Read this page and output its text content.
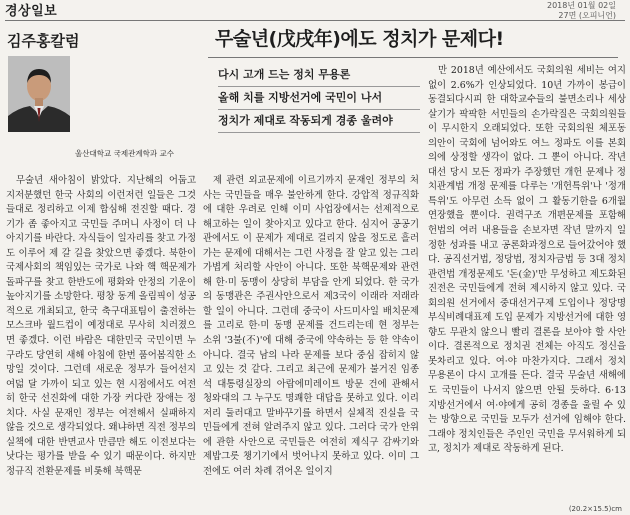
경상일보	2018년 01월 02일
27면 (오피니언)
김주홍칼럼	무술년(戊戌年)에도 정치가 문제다!
울산대학교 국제관계학과 교수
다시 고개 드는 정치 무용론
올해 치를 지방선거에 국민이 나서
정치가 제대로 작동되게 경종 울려야

무술년 새아침이 밝았다. 지난해의 어둡고 지저분했던 한국 사회의 이런저런 일들은 그것들대로 정리하고 이제 합심해 전진할 때다. 경기가 좀 좋아지고 국민들 주머니 사정이 더 나아지기를 바란다. 자식들이 일자리를 찾고 가정도 이루어 제 갈 길을 찾았으면 좋겠다. 북한이 국제사회의 책임있는 국가로 나와 핵 핵문제가 돌파구를 찾고 한반도에 평화와 안정의 기운이 높아지기를 소망한다. 평창 동계 올림픽이 성공적으로 개최되고, 한국 축구대표팀이 출전하는 모스크바 월드컵이 예정대로 무사히 치러졌으면 좋겠다. 이런 바람은 대한민국 국민이면 누구라도 당연히 새해 아침에 한번 품어봄직한 소망일 것이다. 그런데 새로운 정부가 들어선지 여덟 달 가까이 되고 있는 현 시점에서도 여전히 한국 선진화에 대한 가장 커다란 장애는 정치다. 사실 문재인 정부는 여전해서 실패하지 않을 것으로 생각되었다. 왜냐하면 직전 정부의 실책에 대한 반면교사 만큼만 해도 이전보다는 낫다는 평가를 받을 수 있기 때문이다. 하지만 정규직 전환문제를 비롯해 북핵문

제 관련 외교문제에 이르기까지 문재인 정부의 처사는 국민들을 매우 불안하게 한다. 강압적 정규직화에 대한 우려로 인해 이미 사업장에서는 선제적으로 해고하는 일이 찾아지고 있다고 한다. 심지어 공공기관에서도 이 문제가 제대로 걸리지 않을 정도로 흘러가는 문제에 대해서는 그런 사정을 잘 알고 있는 그리 가볍게 처리할 사안이 아니다. 또한 북핵문제와 관련해 한·미 동맹이 상당히 부담을 안게 되었다. 한 국가의 동맹관은 주권사안으로서 제3국이 이래라 저래라 할 일이 아니다. 그런데 중국이 사드미사일 배치문제를 고리로 한·미 동맹 문제를 건드리는데 현 정부는 소위 '3불(不)'에 대해 중국에 약속하는 등 한 약속이 아니다. 결국 남의 나라 문제를 보다 중심 잡히지 않고 있는 것 같다. 그리고 최근에 문제가 불거진 임종석 대통령실장의 아랍에미레이트 방문 건에 관해서 청와대의 그 누구도 명쾌한 대답을 못하고 있다. 이리저리 둘러대고 말바꾸기를 하면서 실체적 진실을 국민들에게 전혀 알려주지 않고 있다. 그러다 국가 안위에 관한 사안으로 국민들은 여전히 제식구 감싸기와 제밥그릇 챙기기에서 벗어나지 못하고 있다. 이미 그전에도 여러 차례 겪어온 일이지

만 2018년 예산에서도 국회의원 세비는 여지없이 2.6%가 인상되었다. 10년 가까이 봉급이 동결되다시피 한 대학교수들의 불면소리나 세상살기가 팍팍한 서민들의 손가락질은 국회의원들이 무시한지 오래되었다. 또한 국회의원 체포동의안이 국회에 넘어와도 여느 정파도 이를 본회의에 상정할 생각이 없다. 그 뿐이 아니다. 작년 대선 당시 모든 정파가 주장했던 개헌 문제나 정치관계법 개정 문제를 다루는 '개헌특위'나 '정개특위'도 아무런 소득 없이 그 활동기한을 6개월 연장했을 뿐이다. 권력구조 개편문제를 포함해 헌법의 여러 내용들을 손보자면 작년 말까지 일정한 성과를 내고 공론화과정으로 들어갔어야 했다. 공직선거법, 정당법, 정치자금법 등 3대 정치관련법 개정문제도 '돈(金)'만 무성하고 제도화된 진전은 국민들에게 전혀 제시하지 않고 있다. 국회의원 선거에서 중대선거구제 도입이나 정당명부식비례대표제 도입 문제가 지방선거에 대한 영향도 무관치 않으니 빨리 결론을 보아야 할 사안이다. 결론적으로 정치권 전체는 아직도 정신을 못차리고 있다. 여·야 마찬가지다. 그래서 정치 무용론이 다시 고개를 든다. 결국 무술년 새해에도 국민들이 나서지 않으면 안될 듯하다. 6·13 지방선거에서 여·야에게 공히 경종을 울릴 수 있는 방향으로 국민들 모두가 선거에 임해야 한다. 그래야 정치인들은 주인인 국민을 무서워하게 되고, 정치가 제대로 작동하게 된다.

(20.2×15.5)cm
